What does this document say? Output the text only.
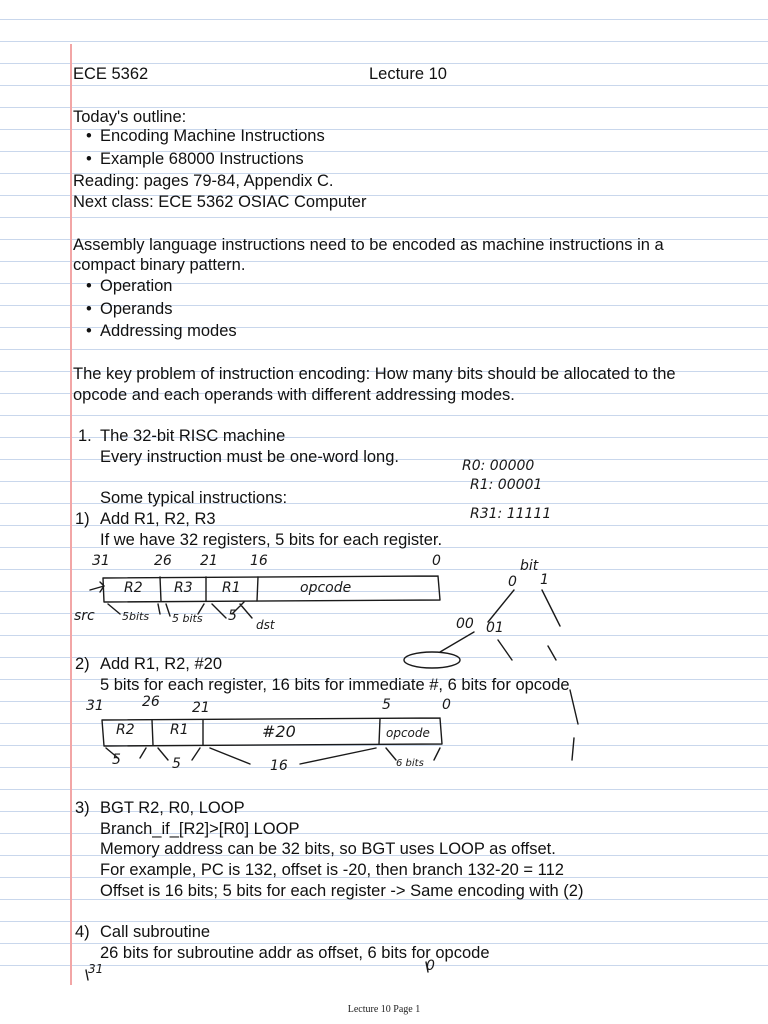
ECE 5362	Lecture 10
Today's outline:
• Encoding Machine Instructions
• Example 68000 Instructions
Reading: pages 79-84, Appendix C.
Next class: ECE 5362 OSIAC Computer
Assembly language instructions need to be encoded as machine instructions in a
compact binary pattern.
• Operation
• Operands
• Addressing modes
The key problem of instruction encoding: How many bits should be allocated to the
opcode and each operands with different addressing modes.
1. The 32-bit RISC machine
Every instruction must be one-word long.
Some typical instructions:
1) Add R1, R2, R3
If we have 32 registers, 5 bits for each register.
2) Add R1, R2, #20
5 bits for each register, 16 bits for immediate #, 6 bits for opcode
3) BGT R2, R0, LOOP
Branch_if_[R2]>[R0] LOOP
Memory address can be 32 bits, so BGT uses LOOP as offset.
For example, PC is 132, offset is -20, then branch 132-20 = 112
Offset is 16 bits; 5 bits for each register -> Same encoding with (2)
4) Call subroutine
26 bits for subroutine addr as offset, 6 bits for opcode
R0: 00000
R1: 00001
R31: 11111
31	26 21 16	0
R2 R3 R1	opcode
src 5bits 5 bits 5
dst
bit
0 1
00 01
31	26 21	5	0
R2	R1	#20	opcode
5	5	16	6 bits
31	0
Lecture 10 Page 1
